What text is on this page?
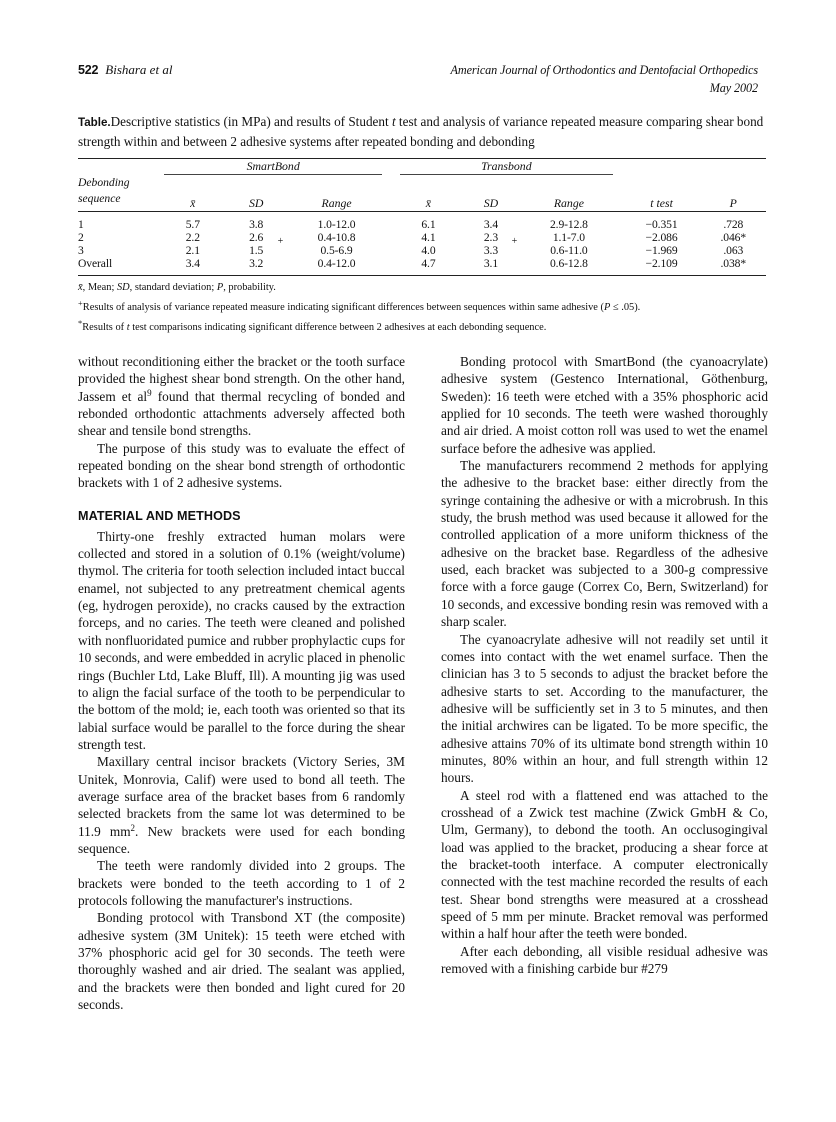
522 Bishara et al	American Journal of Orthodontics and Dentofacial Orthopedics
May 2002
Table.Descriptive statistics (in MPa) and results of Student t test and analysis of variance repeated measure comparing shear bond strength within and between 2 adhesive systems after repeated bonding and debonding
	SmartBond				Transbond					
Debonding
sequence	x̄	SD	Range		x̄	SD	Range		t test	P
1	5.7	3.8	1.0-12.0		6.1	3.4	2.9-12.8		−0.351	.728
2	2.2	2.6 +	0.4-10.8		4.1	2.3 +	1.1-7.0		−2.086	.046*
3	2.1	1.5	0.5-6.9		4.0	3.3	0.6-11.0		−1.969	.063
Overall	3.4	3.2	0.4-12.0		4.7	3.1	0.6-12.8		−2.109	.038*
x̄, Mean; SD, standard deviation; P, probability.
+Results of analysis of variance repeated measure indicating significant differences between sequences within same adhesive (P ≤ .05).
*Results of t test comparisons indicating significant difference between 2 adhesives at each debonding sequence.

without reconditioning either the bracket or the tooth surface provided the highest shear bond strength. On the other hand, Jassem et $al^9$ found that thermal recycling of bonded and rebonded orthodontic attachments adversely affected both shear and tensile bond strengths.

The purpose of this study was to evaluate the effect of repeated bonding on the shear bond strength of orthodontic brackets with 1 of 2 adhesive systems.

MATERIAL AND METHODS

Thirty-one freshly extracted human molars were collected and stored in a solution of 0.1% (weight/volume) thymol. The criteria for tooth selection included intact buccal enamel, not subjected to any pretreatment chemical agents (eg, hydrogen peroxide), no cracks caused by the extraction forceps, and no caries. The teeth were cleaned and polished with nonfluoridated pumice and rubber prophylactic cups for 10 seconds, and were embedded in acrylic placed in phenolic rings (Buchler Ltd, Lake Bluff, Ill). A mounting jig was used to align the facial surface of the tooth to be perpendicular to the bottom of the mold; ie, each tooth was oriented so that its labial surface would be parallel to the force during the shear strength test.

Maxillary central incisor brackets (Victory Series, 3M Unitek, Monrovia, Calif) were used to bond all teeth. The average surface area of the bracket bases from 6 randomly selected brackets from the same lot was determined to be 11.9 $mm^2$. New brackets were used for each bonding sequence.

The teeth were randomly divided into 2 groups. The brackets were bonded to the teeth according to 1 of 2 protocols following the manufacturer's instructions.

Bonding protocol with Transbond XT (the composite) adhesive system (3M Unitek): 15 teeth were etched with 37% phosphoric acid gel for 30 seconds. The teeth were thoroughly washed and air dried. The sealant was applied, and the brackets were then bonded and light cured for 20 seconds.

Bonding protocol with SmartBond (the cyanoacrylate) adhesive system (Gestenco International, Göthenburg, Sweden): 16 teeth were etched with a 35% phosphoric acid applied for 10 seconds. The teeth were washed thoroughly and air dried. A moist cotton roll was used to wet the enamel surface before the adhesive was applied.

The manufacturers recommend 2 methods for applying the adhesive to the bracket base: either directly from the syringe containing the adhesive or with a microbrush. In this study, the brush method was used because it allowed for the controlled application of a more uniform thickness of the adhesive on the bracket base. Regardless of the adhesive used, each bracket was subjected to a 300-g compressive force with a force gauge (Correx Co, Bern, Switzerland) for 10 seconds, and excessive bonding resin was removed with a sharp scaler.

The cyanoacrylate adhesive will not readily set until it comes into contact with the wet enamel surface. Then the clinician has 3 to 5 seconds to adjust the bracket before the adhesive starts to set. According to the manufacturer, the adhesive will be sufficiently set in 3 to 5 minutes, and then the initial archwires can be ligated. To be more specific, the adhesive attains 70% of its ultimate bond strength within 10 minutes, 80% within an hour, and full strength within 12 hours.

A steel rod with a flattened end was attached to the crosshead of a Zwick test machine (Zwick GmbH & Co, Ulm, Germany), to debond the tooth. An occlusogingival load was applied to the bracket, producing a shear force at the bracket-tooth interface. A computer electronically connected with the test machine recorded the results of each test. Shear bond strengths were measured at a crosshead speed of 5 mm per minute. Bracket removal was performed within a half hour after the teeth were bonded.

After each debonding, all visible residual adhesive was removed with a finishing carbide bur #279
